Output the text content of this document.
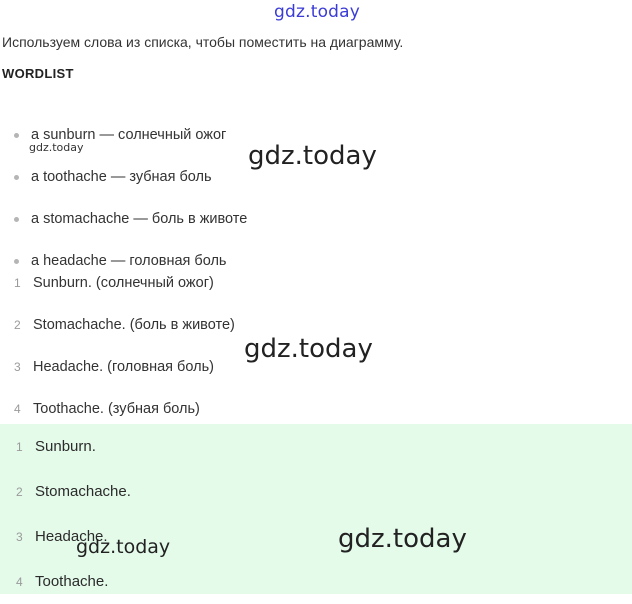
gdz.today
Используем слова из списка, чтобы поместить на диаграмму.
WORDLIST
a sunburn — солнечный ожог
a toothache — зубная боль
a stomachache — боль в животе
a headache — головная боль
1 Sunburn. (солнечный ожог)
2 Stomachache. (боль в животе)
3 Headache. (головная боль)
4 Toothache. (зубная боль)
1 Sunburn.
2 Stomachache.
3 Headache.
4 Toothache.
gdz.today	gdz.today
gdz.today
gdz.today	gdz.today
